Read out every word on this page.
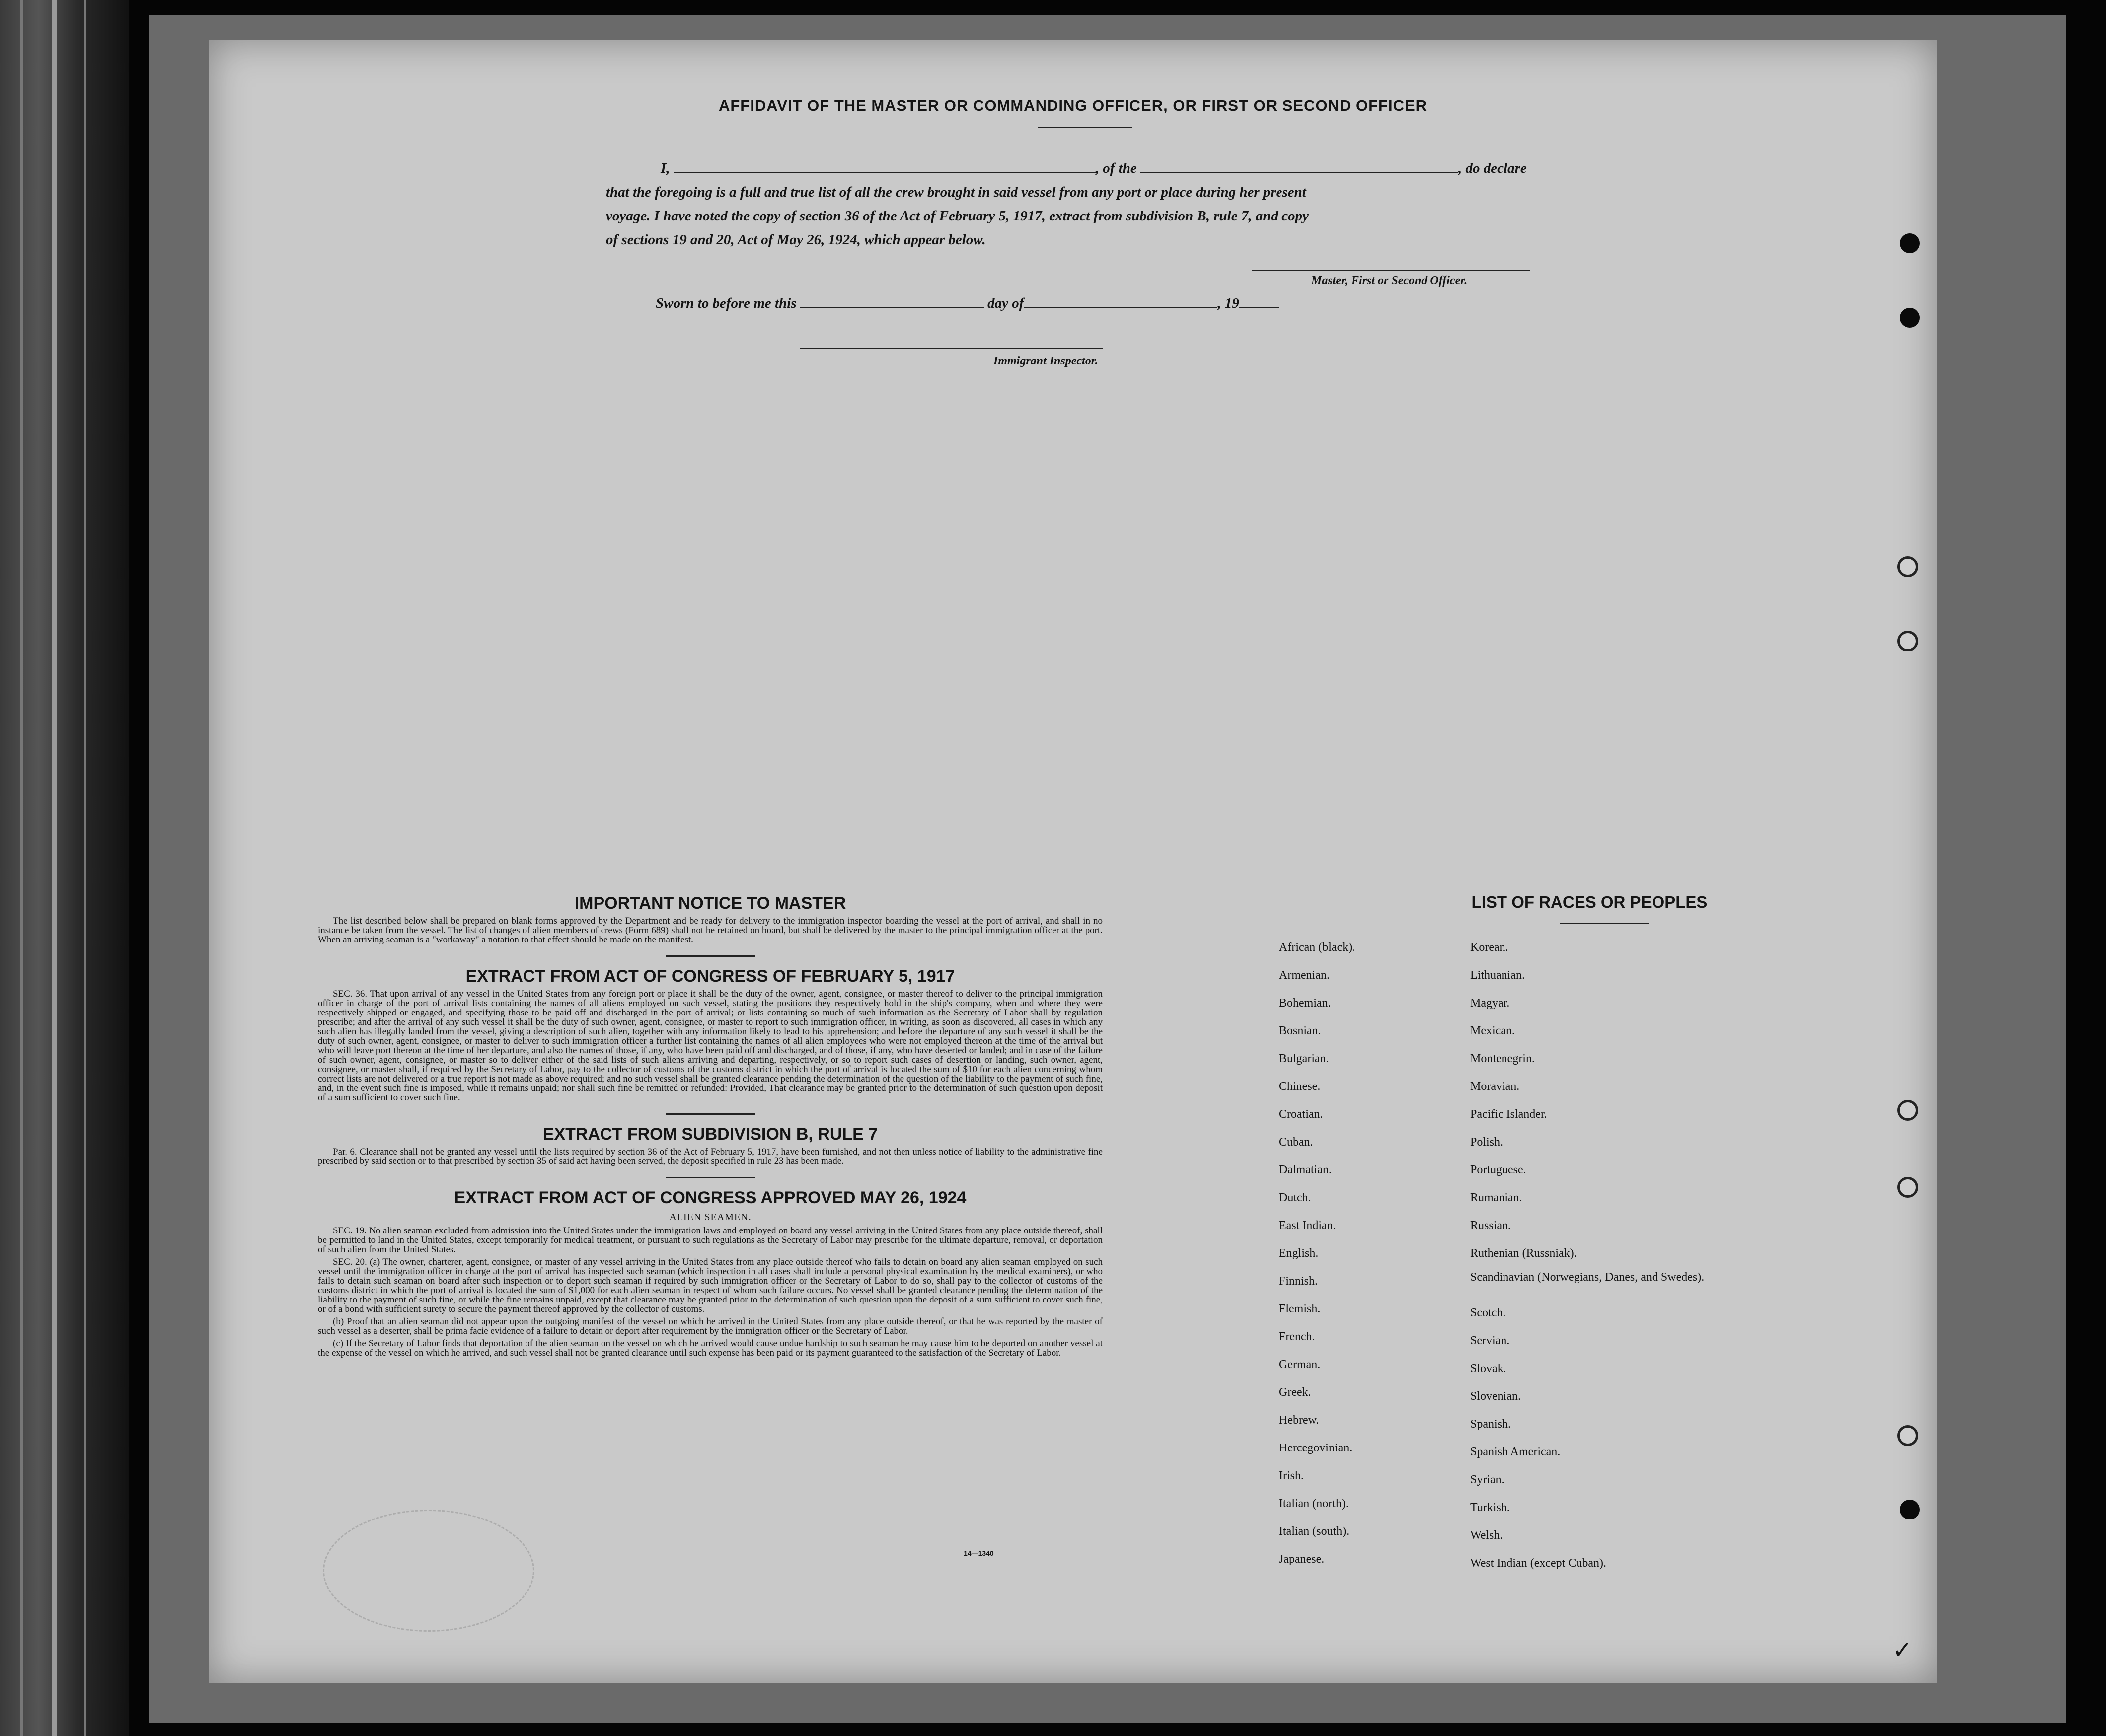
AFFIDAVIT OF THE MASTER OR COMMANDING OFFICER, OR FIRST OR SECOND OFFICER
I,	, of the	, do declare
that the foregoing is a full and true list of all the crew brought in said vessel from any port or place during her present
voyage. I have noted the copy of section 36 of the Act of February 5, 1917, extract from subdivision B, rule 7, and copy
of sections 19 and 20, Act of May 26, 1924, which appear below.
Master, First or Second Officer.
Sworn to before me this	day of	, 19
Immigrant Inspector.
IMPORTANT NOTICE TO MASTER

The list described below shall be prepared on blank forms approved by the Department and be ready for delivery to the immigration inspector boarding the vessel at the port of arrival, and shall in no instance be taken from the vessel. The list of changes of alien members of crews (Form 689) shall not be retained on board, but shall be delivered by the master to the principal immigration officer at the port. When an arriving seaman is a "workaway" a notation to that effect should be made on the manifest.

EXTRACT FROM ACT OF CONGRESS OF FEBRUARY 5, 1917

SEC. 36. That upon arrival of any vessel in the United States from any foreign port or place it shall be the duty of the owner, agent, consignee, or master thereof to deliver to the principal immigration officer in charge of the port of arrival lists containing the names of all aliens employed on such vessel, stating the positions they respectively hold in the ship's company, when and where they were respectively shipped or engaged, and specifying those to be paid off and discharged in the port of arrival; or lists containing so much of such information as the Secretary of Labor shall by regulation prescribe; and after the arrival of any such vessel it shall be the duty of such owner, agent, consignee, or master to report to such immigration officer, in writing, as soon as discovered, all cases in which any such alien has illegally landed from the vessel, giving a description of such alien, together with any information likely to lead to his apprehension; and before the departure of any such vessel it shall be the duty of such owner, agent, consignee, or master to deliver to such immigration officer a further list containing the names of all alien employees who were not employed thereon at the time of the arrival but who will leave port thereon at the time of her departure, and also the names of those, if any, who have been paid off and discharged, and of those, if any, who have deserted or landed; and in case of the failure of such owner, agent, consignee, or master so to deliver either of the said lists of such aliens arriving and departing, respectively, or so to report such cases of desertion or landing, such owner, agent, consignee, or master shall, if required by the Secretary of Labor, pay to the collector of customs of the customs district in which the port of arrival is located the sum of $10 for each alien concerning whom correct lists are not delivered or a true report is not made as above required; and no such vessel shall be granted clearance pending the determination of the question of the liability to the payment of such fine, and, in the event such fine is imposed, while it remains unpaid; nor shall such fine be remitted or refunded: Provided, That clearance may be granted prior to the determination of such question upon deposit of a sum sufficient to cover such fine.

EXTRACT FROM SUBDIVISION B, RULE 7

Par. 6. Clearance shall not be granted any vessel until the lists required by section 36 of the Act of February 5, 1917, have been furnished, and not then unless notice of liability to the administrative fine prescribed by said section or to that prescribed by section 35 of said act having been served, the deposit specified in rule 23 has been made.

EXTRACT FROM ACT OF CONGRESS APPROVED MAY 26, 1924
ALIEN SEAMEN.

SEC. 19. No alien seaman excluded from admission into the United States under the immigration laws and employed on board any vessel arriving in the United States from any place outside thereof, shall be permitted to land in the United States, except temporarily for medical treatment, or pursuant to such regulations as the Secretary of Labor may prescribe for the ultimate departure, removal, or deportation of such alien from the United States.

SEC. 20. (a) The owner, charterer, agent, consignee, or master of any vessel arriving in the United States from any place outside thereof who fails to detain on board any alien seaman employed on such vessel until the immigration officer in charge at the port of arrival has inspected such seaman (which inspection in all cases shall include a personal physical examination by the medical examiners), or who fails to detain such seaman on board after such inspection or to deport such seaman if required by such immigration officer or the Secretary of Labor to do so, shall pay to the collector of customs of the customs district in which the port of arrival is located the sum of $1,000 for each alien seaman in respect of whom such failure occurs. No vessel shall be granted clearance pending the determination of the liability to the payment of such fine, or while the fine remains unpaid, except that clearance may be granted prior to the determination of such question upon the deposit of a sum sufficient to cover such fine, or of a bond with sufficient surety to secure the payment thereof approved by the collector of customs.

(b) Proof that an alien seaman did not appear upon the outgoing manifest of the vessel on which he arrived in the United States from any place outside thereof, or that he was reported by the master of such vessel as a deserter, shall be prima facie evidence of a failure to detain or deport after requirement by the immigration officer or the Secretary of Labor.

(c) If the Secretary of Labor finds that deportation of the alien seaman on the vessel on which he arrived would cause undue hardship to such seaman he may cause him to be deported on another vessel at the expense of the vessel on which he arrived, and such vessel shall not be granted clearance until such expense has been paid or its payment guaranteed to the satisfaction of the Secretary of Labor.

14—1340
LIST OF RACES OR PEOPLES
African (black).
Armenian.
Bohemian.
Bosnian.
Bulgarian.
Chinese.
Croatian.
Cuban.
Dalmatian.
Dutch.
East Indian.
English.
Finnish.
Flemish.
French.
German.
Greek.
Hebrew.
Hercegovinian.
Irish.
Italian (north).
Italian (south).
Japanese.
Korean.
Lithuanian.
Magyar.
Mexican.
Montenegrin.
Moravian.
Pacific Islander.
Polish.
Portuguese.
Rumanian.
Russian.
Ruthenian (Russniak).
Scandinavian (Norwegians, Danes, and Swedes).
Scotch.
Servian.
Slovak.
Slovenian.
Spanish.
Spanish American.
Syrian.
Turkish.
Welsh.
West Indian (except Cuban).
✓
